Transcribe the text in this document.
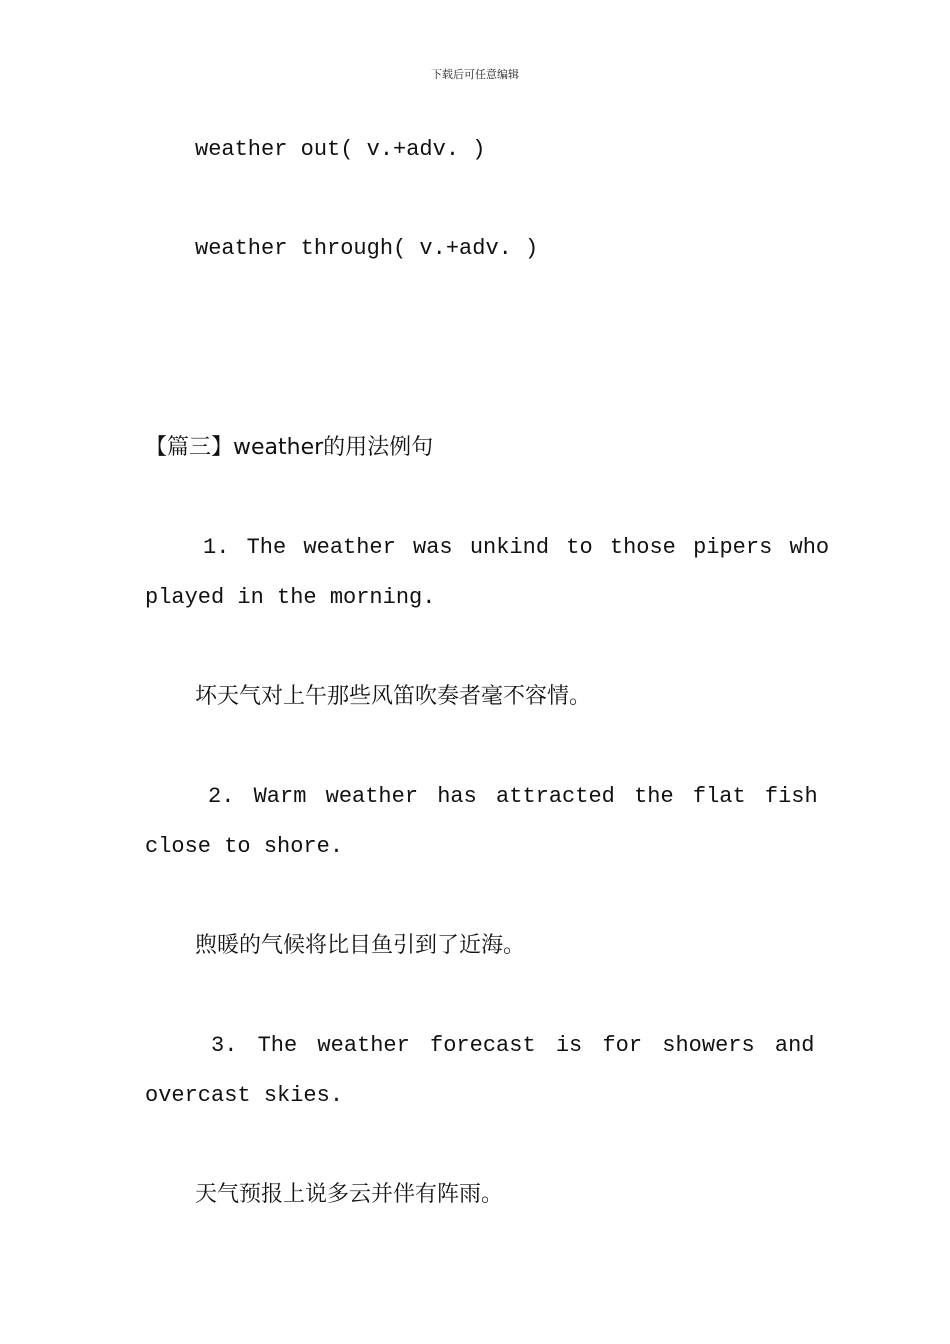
下载后可任意编辑
weather out( v.+adv. )
weather through( v.+adv. )
【篇三】weather的用法例句
1. The weather was unkind to those pipers who
played in the morning.
坏天气对上午那些风笛吹奏者毫不容情。
2. Warm weather has attracted the flat fish
close to shore.
煦暖的气候将比目鱼引到了近海。
3. The weather forecast is for showers and
overcast skies.
天气预报上说多云并伴有阵雨。
